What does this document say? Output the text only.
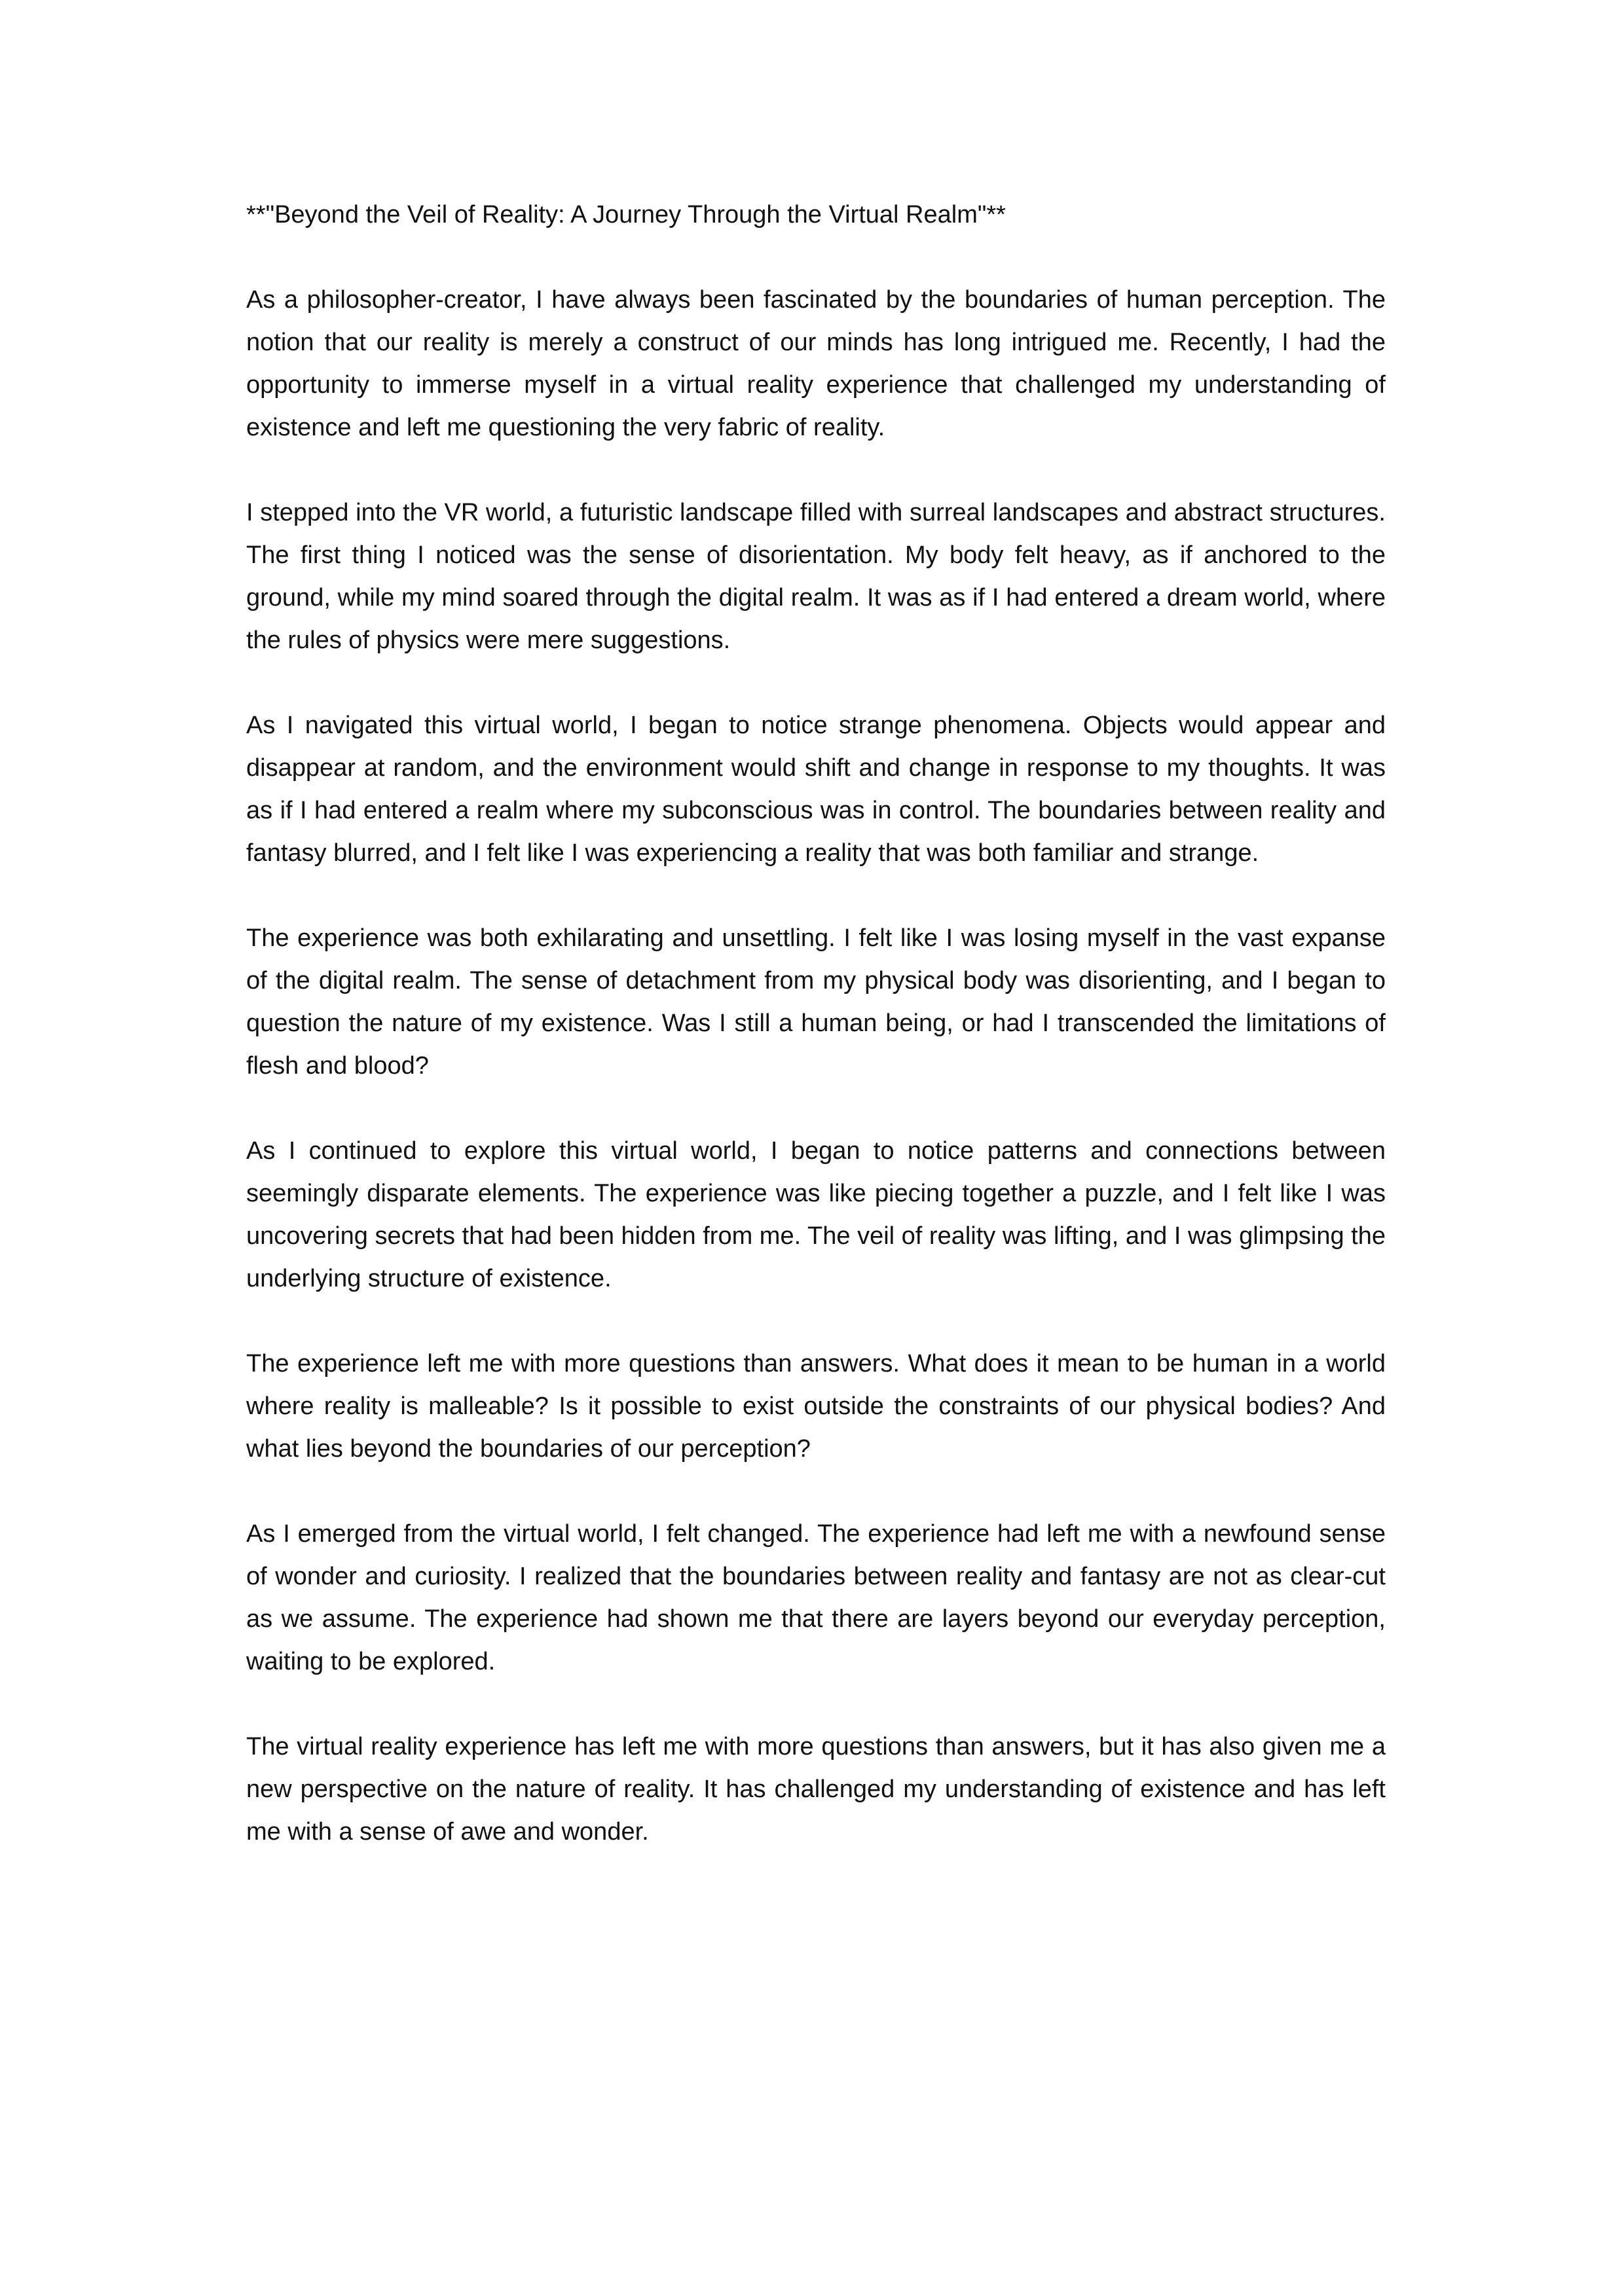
**"Beyond the Veil of Reality: A Journey Through the Virtual Realm"**

As a philosopher-creator, I have always been fascinated by the boundaries of human perception. The notion that our reality is merely a construct of our minds has long intrigued me. Recently, I had the opportunity to immerse myself in a virtual reality experience that challenged my understanding of existence and left me questioning the very fabric of reality.

I stepped into the VR world, a futuristic landscape filled with surreal landscapes and abstract structures. The first thing I noticed was the sense of disorientation. My body felt heavy, as if anchored to the ground, while my mind soared through the digital realm. It was as if I had entered a dream world, where the rules of physics were mere suggestions.

As I navigated this virtual world, I began to notice strange phenomena. Objects would appear and disappear at random, and the environment would shift and change in response to my thoughts. It was as if I had entered a realm where my subconscious was in control. The boundaries between reality and fantasy blurred, and I felt like I was experiencing a reality that was both familiar and strange.

The experience was both exhilarating and unsettling. I felt like I was losing myself in the vast expanse of the digital realm. The sense of detachment from my physical body was disorienting, and I began to question the nature of my existence. Was I still a human being, or had I transcended the limitations of flesh and blood?

As I continued to explore this virtual world, I began to notice patterns and connections between seemingly disparate elements. The experience was like piecing together a puzzle, and I felt like I was uncovering secrets that had been hidden from me. The veil of reality was lifting, and I was glimpsing the underlying structure of existence.

The experience left me with more questions than answers. What does it mean to be human in a world where reality is malleable? Is it possible to exist outside the constraints of our physical bodies? And what lies beyond the boundaries of our perception?

As I emerged from the virtual world, I felt changed. The experience had left me with a newfound sense of wonder and curiosity. I realized that the boundaries between reality and fantasy are not as clear-cut as we assume. The experience had shown me that there are layers beyond our everyday perception, waiting to be explored.

The virtual reality experience has left me with more questions than answers, but it has also given me a new perspective on the nature of reality. It has challenged my understanding of existence and has left me with a sense of awe and wonder.
